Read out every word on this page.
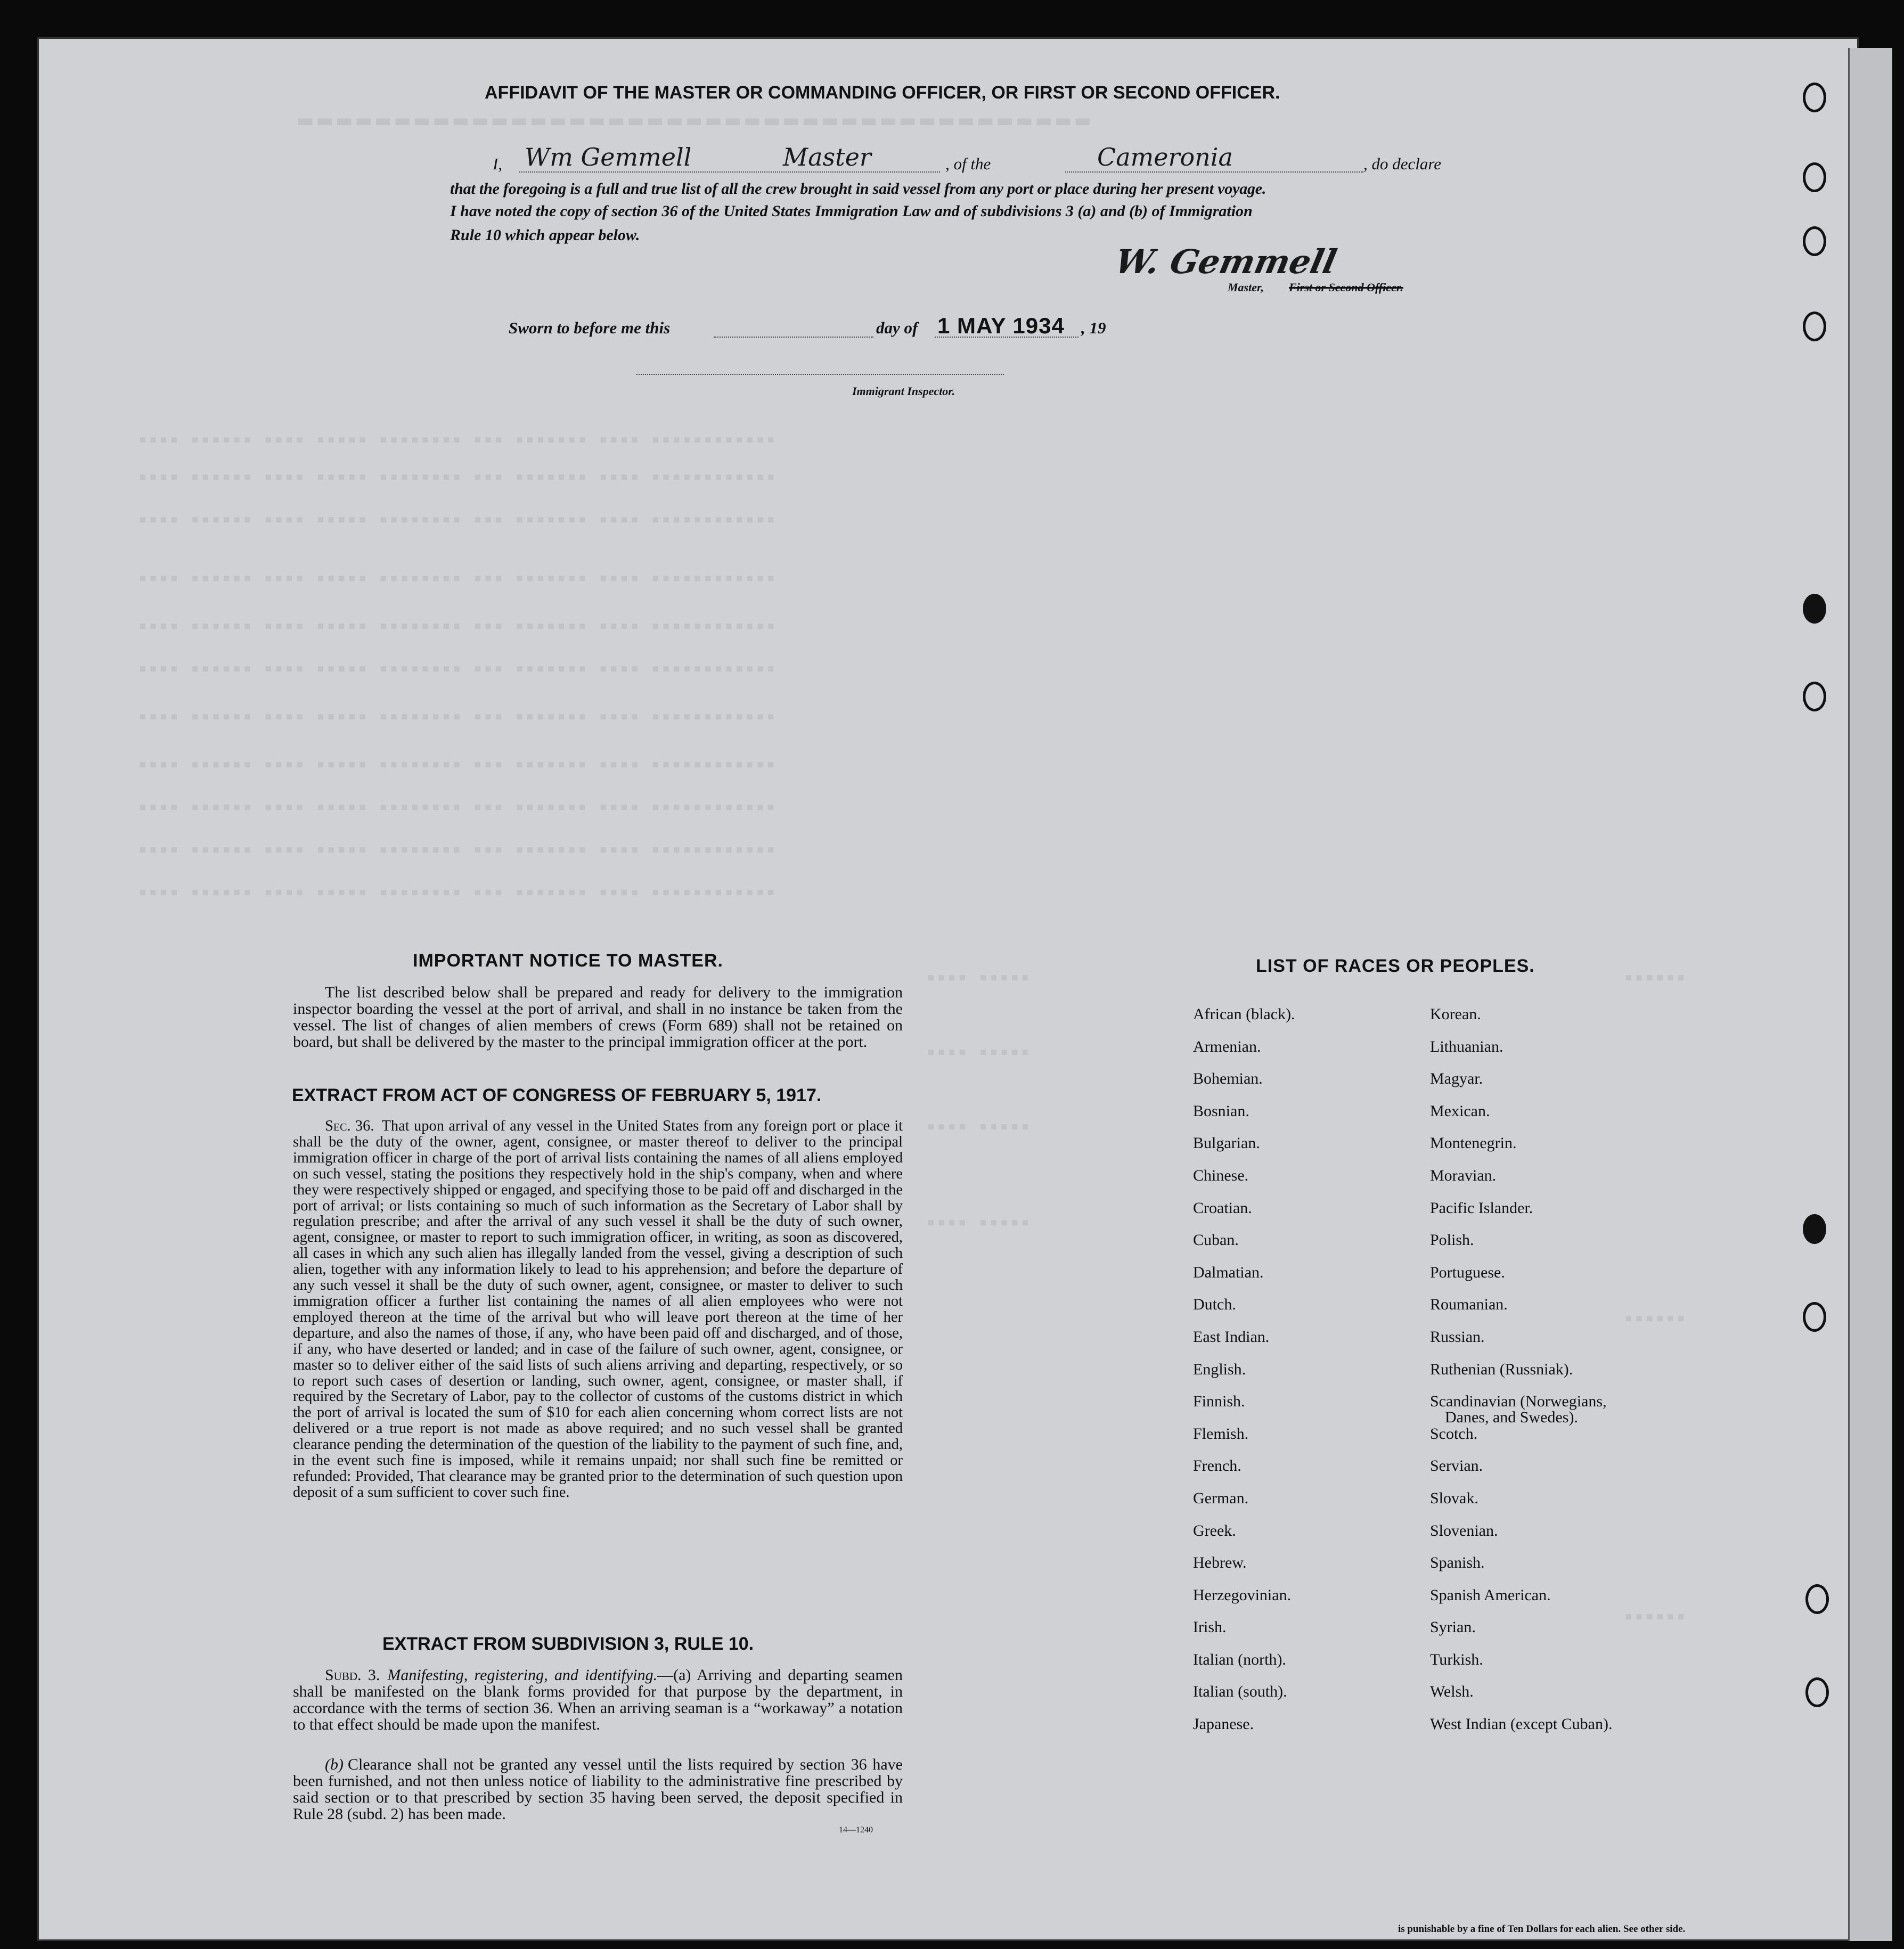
▬▬▬▬▬▬▬▬▬▬▬▬▬▬▬▬▬▬▬▬▬▬▬▬▬▬▬▬▬▬▬▬▬▬▬▬▬▬▬▬▬
▪▪▪▪ ▪▪▪▪▪▪ ▪▪▪▪ ▪▪▪▪▪ ▪▪▪▪▪▪▪▪ ▪▪▪ ▪▪▪▪▪▪▪ ▪▪▪▪ ▪▪▪▪▪▪▪▪▪▪▪▪
▪▪▪▪ ▪▪▪▪▪▪ ▪▪▪▪ ▪▪▪▪▪ ▪▪▪▪▪▪▪▪ ▪▪▪ ▪▪▪▪▪▪▪ ▪▪▪▪ ▪▪▪▪▪▪▪▪▪▪▪▪
▪▪▪▪ ▪▪▪▪▪▪ ▪▪▪▪ ▪▪▪▪▪ ▪▪▪▪▪▪▪▪ ▪▪▪ ▪▪▪▪▪▪▪ ▪▪▪▪ ▪▪▪▪▪▪▪▪▪▪▪▪
▪▪▪▪ ▪▪▪▪▪▪ ▪▪▪▪ ▪▪▪▪▪ ▪▪▪▪▪▪▪▪ ▪▪▪ ▪▪▪▪▪▪▪ ▪▪▪▪ ▪▪▪▪▪▪▪▪▪▪▪▪
▪▪▪▪ ▪▪▪▪▪▪ ▪▪▪▪ ▪▪▪▪▪ ▪▪▪▪▪▪▪▪ ▪▪▪ ▪▪▪▪▪▪▪ ▪▪▪▪ ▪▪▪▪▪▪▪▪▪▪▪▪
▪▪▪▪ ▪▪▪▪▪▪ ▪▪▪▪ ▪▪▪▪▪ ▪▪▪▪▪▪▪▪ ▪▪▪ ▪▪▪▪▪▪▪ ▪▪▪▪ ▪▪▪▪▪▪▪▪▪▪▪▪
▪▪▪▪ ▪▪▪▪▪▪ ▪▪▪▪ ▪▪▪▪▪ ▪▪▪▪▪▪▪▪ ▪▪▪ ▪▪▪▪▪▪▪ ▪▪▪▪ ▪▪▪▪▪▪▪▪▪▪▪▪
▪▪▪▪ ▪▪▪▪▪▪ ▪▪▪▪ ▪▪▪▪▪ ▪▪▪▪▪▪▪▪ ▪▪▪ ▪▪▪▪▪▪▪ ▪▪▪▪ ▪▪▪▪▪▪▪▪▪▪▪▪
▪▪▪▪ ▪▪▪▪▪▪ ▪▪▪▪ ▪▪▪▪▪ ▪▪▪▪▪▪▪▪ ▪▪▪ ▪▪▪▪▪▪▪ ▪▪▪▪ ▪▪▪▪▪▪▪▪▪▪▪▪
▪▪▪▪ ▪▪▪▪▪▪ ▪▪▪▪ ▪▪▪▪▪ ▪▪▪▪▪▪▪▪ ▪▪▪ ▪▪▪▪▪▪▪ ▪▪▪▪ ▪▪▪▪▪▪▪▪▪▪▪▪
▪▪▪▪ ▪▪▪▪▪▪ ▪▪▪▪ ▪▪▪▪▪ ▪▪▪▪▪▪▪▪ ▪▪▪ ▪▪▪▪▪▪▪ ▪▪▪▪ ▪▪▪▪▪▪▪▪▪▪▪▪
▪▪▪▪ ▪▪▪▪▪
▪▪▪▪ ▪▪▪▪▪
▪▪▪▪ ▪▪▪▪▪
▪▪▪▪ ▪▪▪▪▪
▪▪▪▪▪▪
▪▪▪▪▪▪
▪▪▪▪▪▪
AFFIDAVIT OF THE MASTER OR COMMANDING OFFICER, OR FIRST OR SECOND OFFICER.
I, Wm Gemmell	Master	, of the	Cameronia	, do declare
that the foregoing is a full and true list of all the crew brought in said vessel from any port or place during her present voyage.
I have noted the copy of section 36 of the United States Immigration Law and of subdivisions 3 (a) and (b) of Immigration
Rule 10 which appear below.
W. Gemmell
Master, First or Second Officer.
Sworn to before me this	day of 1 MAY 1934 , 19
Immigrant Inspector.
IMPORTANT NOTICE TO MASTER.
The list described below shall be prepared and ready for delivery to the immigration inspector boarding the vessel at the port of arrival, and shall in no instance be taken from the vessel. The list of changes of alien members of crews (Form 689) shall not be retained on board, but shall be delivered by the master to the principal immigration officer at the port.
EXTRACT FROM ACT OF CONGRESS OF FEBRUARY 5, 1917.
Sec. 36. That upon arrival of any vessel in the United States from any foreign port or place it shall be the duty of the owner, agent, consignee, or master thereof to deliver to the principal immigration officer in charge of the port of arrival lists containing the names of all aliens employed on such vessel, stating the positions they respectively hold in the ship's company, when and where they were respectively shipped or engaged, and specifying those to be paid off and discharged in the port of arrival; or lists containing so much of such information as the Secretary of Labor shall by regulation prescribe; and after the arrival of any such vessel it shall be the duty of such owner, agent, consignee, or master to report to such immigration officer, in writing, as soon as discovered, all cases in which any such alien has illegally landed from the vessel, giving a description of such alien, together with any information likely to lead to his apprehension; and before the departure of any such vessel it shall be the duty of such owner, agent, consignee, or master to deliver to such immigration officer a further list containing the names of all alien employees who were not employed thereon at the time of the arrival but who will leave port thereon at the time of her departure, and also the names of those, if any, who have been paid off and discharged, and of those, if any, who have deserted or landed; and in case of the failure of such owner, agent, consignee, or master so to deliver either of the said lists of such aliens arriving and departing, respectively, or so to report such cases of desertion or landing, such owner, agent, consignee, or master shall, if required by the Secretary of Labor, pay to the collector of customs of the customs district in which the port of arrival is located the sum of $10 for each alien concerning whom correct lists are not delivered or a true report is not made as above required; and no such vessel shall be granted clearance pending the determination of the question of the liability to the payment of such fine, and, in the event such fine is imposed, while it remains unpaid; nor shall such fine be remitted or refunded: Provided, That clearance may be granted prior to the determination of such question upon deposit of a sum sufficient to cover such fine.
EXTRACT FROM SUBDIVISION 3, RULE 10.
Subd. 3. Manifesting, registering, and identifying.—(a) Arriving and departing seamen shall be manifested on the blank forms provided for that purpose by the department, in accordance with the terms of section 36. When an arriving seaman is a “workaway” a notation to that effect should be made upon the manifest.
(b) Clearance shall not be granted any vessel until the lists required by section 36 have been furnished, and not then unless notice of liability to the administrative fine prescribed by said section or to that prescribed by section 35 having been served, the deposit specified in Rule 28 (subd. 2) has been made.
14—1240
LIST OF RACES OR PEOPLES.
African (black).
Armenian.
Bohemian.
Bosnian.
Bulgarian.
Chinese.
Croatian.
Cuban.
Dalmatian.
Dutch.
East Indian.
English.
Finnish.
Flemish.
French.
German.
Greek.
Hebrew.
Herzegovinian.
Irish.
Italian (north).
Italian (south).
Japanese.
Korean.
Lithuanian.
Magyar.
Mexican.
Montenegrin.
Moravian.
Pacific Islander.
Polish.
Portuguese.
Roumanian.
Russian.
Ruthenian (Russniak).
Scandinavian (Norwegians,
Danes, and Swedes).
Scotch.
Servian.
Slovak.
Slovenian.
Spanish.
Spanish American.
Syrian.
Turkish.
Welsh.
West Indian (except Cuban).
is punishable by a fine of Ten Dollars for each alien. See other side.
